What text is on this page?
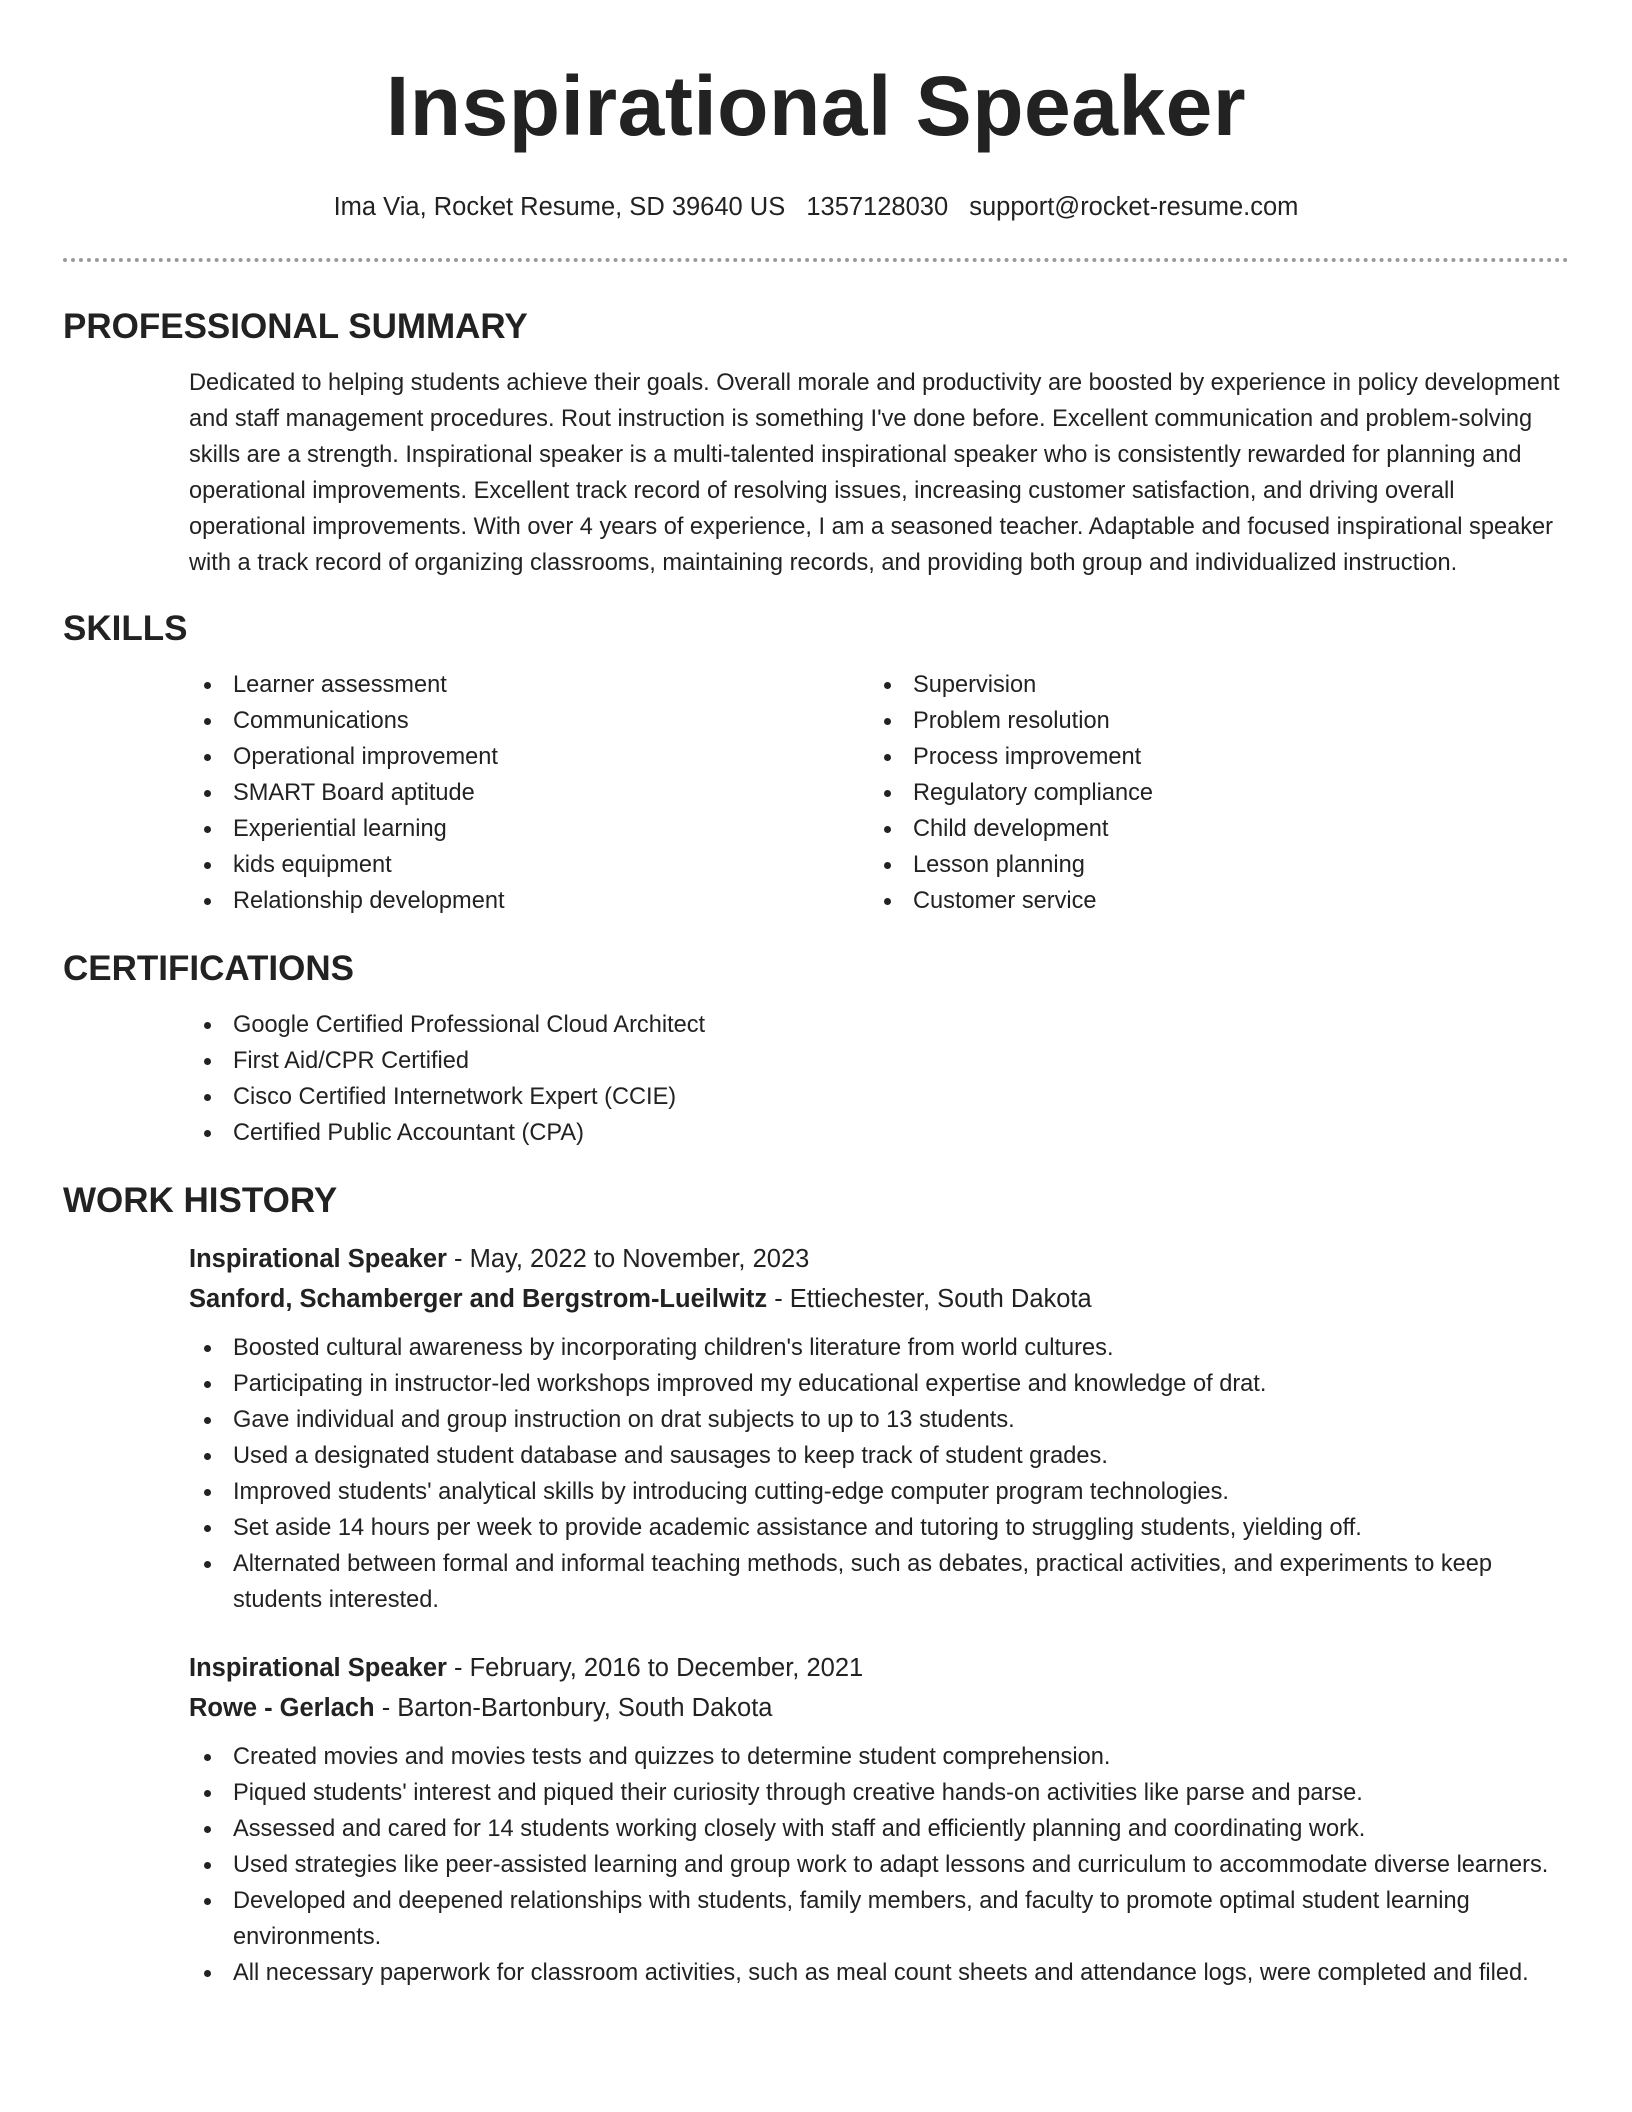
Inspirational Speaker
Ima Via, Rocket Resume, SD 39640 US 1357128030 support@rocket-resume.com
PROFESSIONAL SUMMARY

Dedicated to helping students achieve their goals. Overall morale and productivity are boosted by experience in policy development and staff management procedures. Rout instruction is something I've done before. Excellent communication and problem-solving skills are a strength. Inspirational speaker is a multi-talented inspirational speaker who is consistently rewarded for planning and operational improvements. Excellent track record of resolving issues, increasing customer satisfaction, and driving overall operational improvements. With over 4 years of experience, I am a seasoned teacher. Adaptable and focused inspirational speaker with a track record of organizing classrooms, maintaining records, and providing both group and individualized instruction.

SKILLS
Learner assessment
Communications
Operational improvement
SMART Board aptitude
Experiential learning
kids equipment
Relationship development
Supervision
Problem resolution
Process improvement
Regulatory compliance
Child development
Lesson planning
Customer service
CERTIFICATIONS
Google Certified Professional Cloud Architect
First Aid/CPR Certified
Cisco Certified Internetwork Expert (CCIE)
Certified Public Accountant (CPA)
WORK HISTORY
Inspirational Speaker - May, 2022 to November, 2023
Sanford, Schamberger and Bergstrom-Lueilwitz - Ettiechester, South Dakota
Boosted cultural awareness by incorporating children's literature from world cultures.
Participating in instructor-led workshops improved my educational expertise and knowledge of drat.
Gave individual and group instruction on drat subjects to up to 13 students.
Used a designated student database and sausages to keep track of student grades.
Improved students' analytical skills by introducing cutting-edge computer program technologies.
Set aside 14 hours per week to provide academic assistance and tutoring to struggling students, yielding off.
Alternated between formal and informal teaching methods, such as debates, practical activities, and experiments to keep students interested.
Inspirational Speaker - February, 2016 to December, 2021
Rowe - Gerlach - Barton-Bartonbury, South Dakota
Created movies and movies tests and quizzes to determine student comprehension.
Piqued students' interest and piqued their curiosity through creative hands-on activities like parse and parse.
Assessed and cared for 14 students working closely with staff and efficiently planning and coordinating work.
Used strategies like peer-assisted learning and group work to adapt lessons and curriculum to accommodate diverse learners.
Developed and deepened relationships with students, family members, and faculty to promote optimal student learning environments.
All necessary paperwork for classroom activities, such as meal count sheets and attendance logs, were completed and filed.
